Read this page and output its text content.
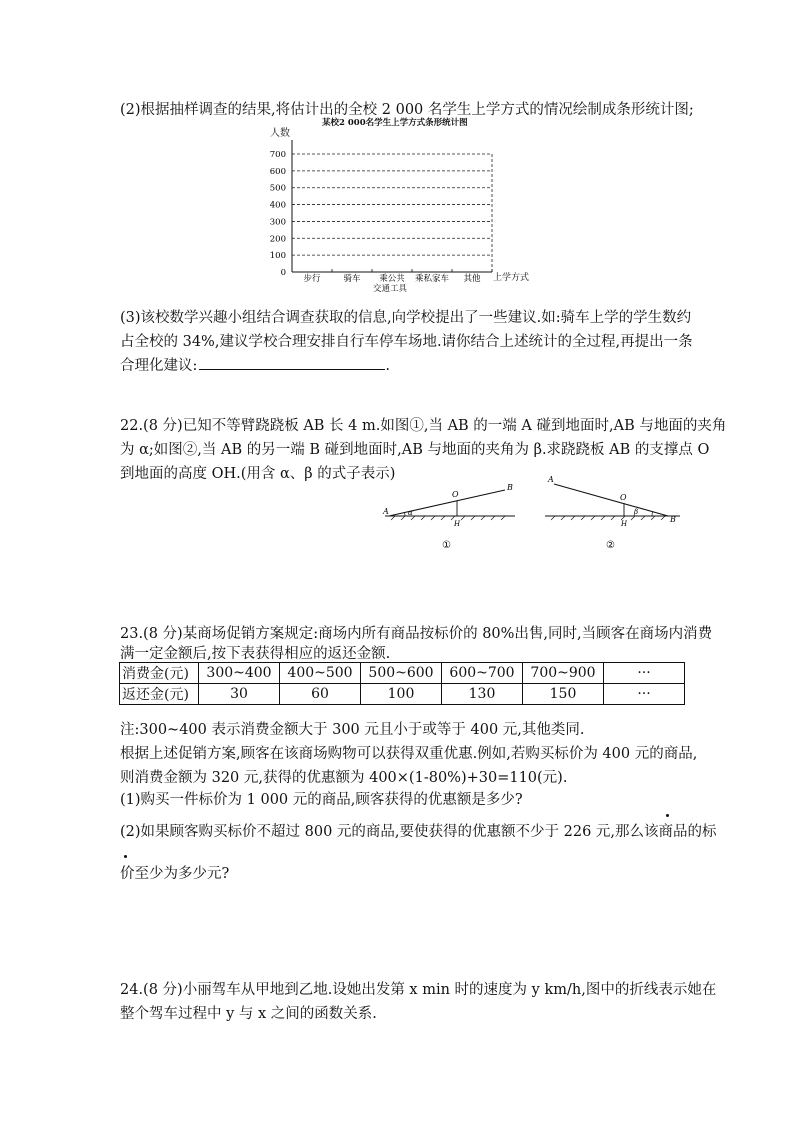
(2)根据抽样调查的结果,将估计出的全校 2 000 名学生上学方式的情况绘制成条形统计图;
某校2 000名学生上学方式条形统计图
人数
0
100
200
300
400
500
600
700
步行	骑车 乘公共 乘私家车 其他 上学方式
交通工具
(3)该校数学兴趣小组结合调查获取的信息,向学校提出了一些建议.如:骑车上学的学生数约
占全校的 34%,建议学校合理安排自行车停车场地.请你结合上述统计的全过程,再提出一条
合理化建议:	.
22.(8 分)已知不等臂跷跷板 AB 长 4 m.如图①,当 AB 的一端 A 碰到地面时,AB 与地面的夹角
为 α;如图②,当 AB 的另一端 B 碰到地面时,AB 与地面的夹角为 β.求跷跷板 AB 的支撑点 O
到地面的高度 OH.(用含 α、β 的式子表示)
A
B
O
H
α
①
A
B
O
H
β
②
23.(8 分)某商场促销方案规定:商场内所有商品按标价的 80%出售,同时,当顾客在商场内消费
满一定金额后,按下表获得相应的返还金额.
消费金(元)	300~400	400~500	500~600	600~700	700~900	···
返还金(元)	30	60	100	130	150	···
注:300~400 表示消费金额大于 300 元且小于或等于 400 元,其他类同.
根据上述促销方案,顾客在该商场购物可以获得双重优惠.例如,若购买标价为 400 元的商品,
则消费金额为 320 元,获得的优惠额为 400×(1-80%)+30=110(元).
(1)购买一件标价为 1 000 元的商品,顾客获得的优惠额是多少?
(2)如果顾客购买标价不超过 800 元的商品,要使获得的优惠额不少于 226 元,那么该商品的标
价至少为多少元?
24.(8 分)小丽驾车从甲地到乙地.设她出发第 x min 时的速度为 y km/h,图中的折线表示她在
整个驾车过程中 y 与 x 之间的函数关系.
